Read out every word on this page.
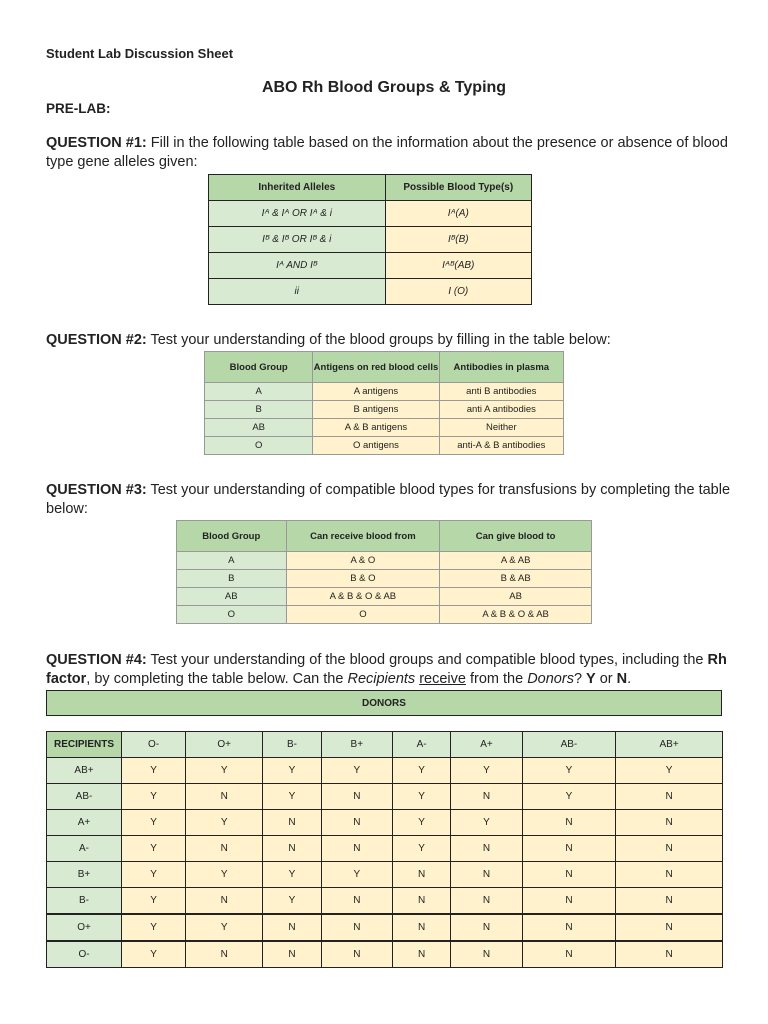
Student Lab Discussion Sheet
ABO Rh Blood Groups & Typing
PRE-LAB:
QUESTION #1: Fill in the following table based on the information about the presence or absence of blood type gene alleles given:
Inherited Alleles	Possible Blood Type(s)
Iᴬ & Iᴬ OR Iᴬ & i	Iᴬ(A)
Iᴮ & Iᴮ OR Iᴮ & i	Iᴮ(B)
Iᴬ AND Iᴮ	Iᴬᴮ(AB)
ii	I (O)
QUESTION #2: Test your understanding of the blood groups by filling in the table below:
Blood Group	Antigens on red blood cells	Antibodies in plasma
A	A antigens	anti B antibodies
B	B antigens	anti A antibodies
AB	A & B antigens	Neither
O	O antigens	anti-A & B antibodies
QUESTION #3: Test your understanding of compatible blood types for transfusions by completing the table below:
Blood Group	Can receive blood from	Can give blood to
A	A & O	A & AB
B	B & O	B & AB
AB	A & B & O & AB	AB
O	O	A & B & O & AB
QUESTION #4: Test your understanding of the blood groups and compatible blood types, including the Rh factor, by completing the table below. Can the Recipients receive from the Donors? Y or N.
DONORS
RECIPIENTS	O-	O+	B-	B+	A-	A+	AB-	AB+
AB+	Y	Y	Y	Y	Y	Y	Y	Y
AB-	Y	N	Y	N	Y	N	Y	N
A+	Y	Y	N	N	Y	Y	N	N
A-	Y	N	N	N	Y	N	N	N
B+	Y	Y	Y	Y	N	N	N	N
B-	Y	N	Y	N	N	N	N	N
O+	Y	Y	N	N	N	N	N	N
O-	Y	N	N	N	N	N	N	N
